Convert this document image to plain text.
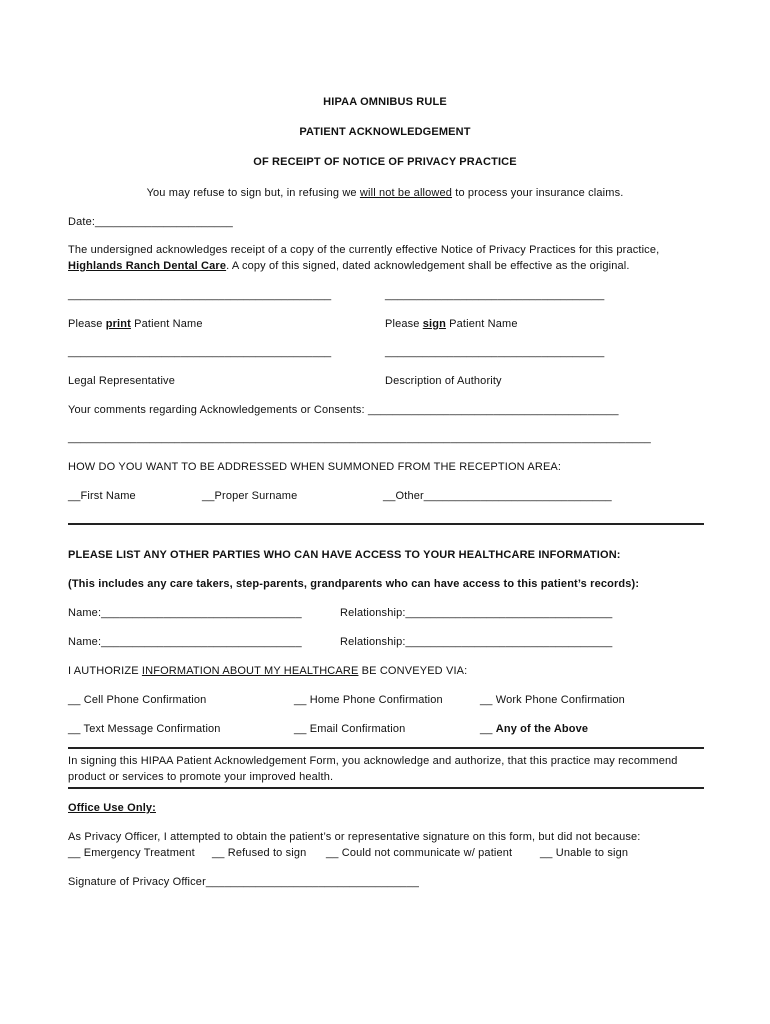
HIPAA OMNIBUS RULE
PATIENT ACKNOWLEDGEMENT
OF RECEIPT OF NOTICE OF PRIVACY PRACTICE
You may refuse to sign but, in refusing we will not be allowed to process your insurance claims.
Date:______________________
The undersigned acknowledges receipt of a copy of the currently effective Notice of Privacy Practices for this practice,
Highlands Ranch Dental Care. A copy of this signed, dated acknowledgement shall be effective as the original.
__________________________________________	___________________________________
Please print Patient Name	Please sign Patient Name
__________________________________________	___________________________________
Legal Representative	Description of Authority
Your comments regarding Acknowledgements or Consents: ________________________________________
_____________________________________________________________________________________________
HOW DO YOU WANT TO BE ADDRESSED WHEN SUMMONED FROM THE RECEPTION AREA:
__First Name	__Proper Surname	__Other______________________________
PLEASE LIST ANY OTHER PARTIES WHO CAN HAVE ACCESS TO YOUR HEALTHCARE INFORMATION:
(This includes any care takers, step-parents, grandparents who can have access to this patient’s records):
Name:________________________________	Relationship:_________________________________
Name:________________________________	Relationship:_________________________________
I AUTHORIZE INFORMATION ABOUT MY HEALTHCARE BE CONVEYED VIA:
__ Cell Phone Confirmation	__ Home Phone Confirmation	__ Work Phone Confirmation
__ Text Message Confirmation	__ Email Confirmation	__ Any of the Above
In signing this HIPAA Patient Acknowledgement Form, you acknowledge and authorize, that this practice may recommend
product or services to promote your improved health.
Office Use Only:
As Privacy Officer, I attempted to obtain the patient’s or representative signature on this form, but did not because:
__ Emergency Treatment __ Refused to sign __ Could not communicate w/ patient	__ Unable to sign
Signature of Privacy Officer__________________________________
